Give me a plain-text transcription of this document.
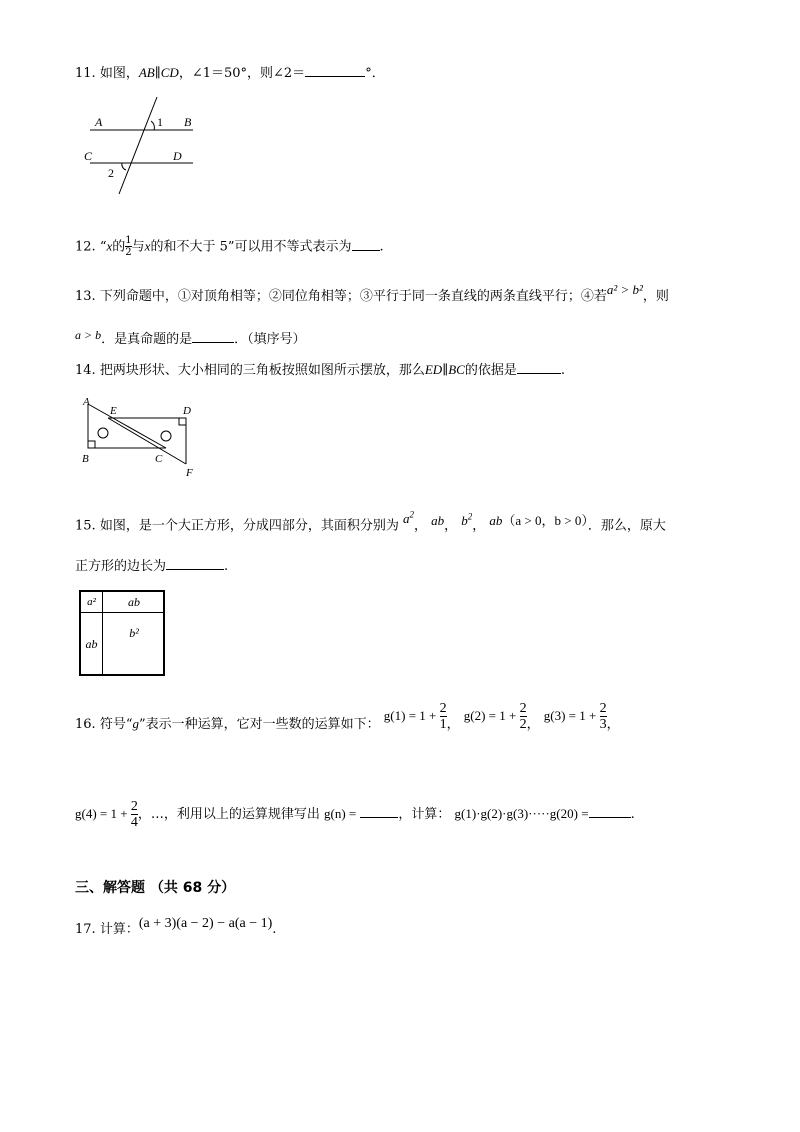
11. 如图，AB∥CD，∠1＝50°，则∠2＝	°．
A	B
C	D
1
2
12. “x的 $\frac{1}{2}$ 与x的和不大于 5”可以用不等式表示为 .
13. 下列命题中，①对顶角相等；②同位角相等；③平行于同一条直线的两条直线平行；④若a² > b²，则
a > b．是真命题的是	．（填序号）
14. 把两块形状、大小相同的三角板按照如图所示摆放，那么ED∥BC的依据是	.
A
E	D
B	C
F
15. 如图，是一个大正方形，分成四部分，其面积分别为 $a^2$， ab， $b^2$， ab（a > 0，b > 0）．那么，原大
正方形的边长为	.
a²	ab
ab
b²
16. 符号“g”表示一种运算，它对一些数的运算如下： $g(1) = 1 + \frac{2}{1}$ ， $g(2) = 1 + \frac{2}{2}$ ， $g(3) = 1 + \frac{2}{3}$ ，
$g(4) = 1 + \frac{2}{4}$ ，…，利用以上的运算规律写出 g(n) =	，计算： g(1)·g(2)·g(3)·····g(20) =	.
三、解答题 （共 68 分）
17. 计算：(a + 3)(a − 2) − a(a − 1).
